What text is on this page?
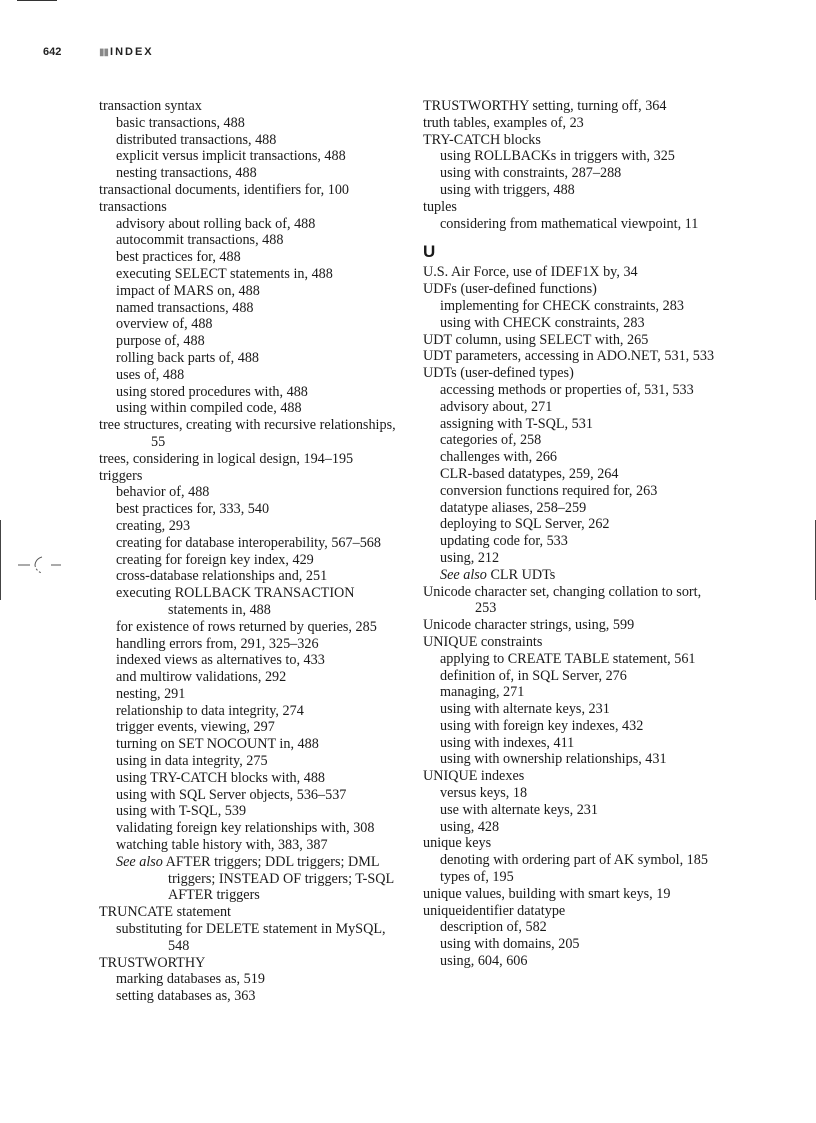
642	▮▮ INDEX
transaction syntax
basic transactions, 488
distributed transactions, 488
explicit versus implicit transactions, 488
nesting transactions, 488
transactional documents, identifiers for, 100
transactions
advisory about rolling back of, 488
autocommit transactions, 488
best practices for, 488
executing SELECT statements in, 488
impact of MARS on, 488
named transactions, 488
overview of, 488
purpose of, 488
rolling back parts of, 488
uses of, 488
using stored procedures with, 488
using within compiled code, 488
tree structures, creating with recursive relationships, 55
trees, considering in logical design, 194–195
triggers
behavior of, 488
best practices for, 333, 540
creating, 293
creating for database interoperability, 567–568
creating for foreign key index, 429
cross-database relationships and, 251
executing ROLLBACK TRANSACTION statements in, 488
for existence of rows returned by queries, 285
handling errors from, 291, 325–326
indexed views as alternatives to, 433
and multirow validations, 292
nesting, 291
relationship to data integrity, 274
trigger events, viewing, 297
turning on SET NOCOUNT in, 488
using in data integrity, 275
using TRY-CATCH blocks with, 488
using with SQL Server objects, 536–537
using with T-SQL, 539
validating foreign key relationships with, 308
watching table history with, 383, 387
See also AFTER triggers; DDL triggers; DML triggers; INSTEAD OF triggers; T-SQL AFTER triggers
TRUNCATE statement
substituting for DELETE statement in MySQL, 548
TRUSTWORTHY
marking databases as, 519
setting databases as, 363
TRUSTWORTHY setting, turning off, 364
truth tables, examples of, 23
TRY-CATCH blocks
using ROLLBACKs in triggers with, 325
using with constraints, 287–288
using with triggers, 488
tuples
considering from mathematical viewpoint, 11
U
U.S. Air Force, use of IDEF1X by, 34
UDFs (user-defined functions)
implementing for CHECK constraints, 283
using with CHECK constraints, 283
UDT column, using SELECT with, 265
UDT parameters, accessing in ADO.NET, 531, 533
UDTs (user-defined types)
accessing methods or properties of, 531, 533
advisory about, 271
assigning with T-SQL, 531
categories of, 258
challenges with, 266
CLR-based datatypes, 259, 264
conversion functions required for, 263
datatype aliases, 258–259
deploying to SQL Server, 262
updating code for, 533
using, 212
See also CLR UDTs
Unicode character set, changing collation to sort, 253
Unicode character strings, using, 599
UNIQUE constraints
applying to CREATE TABLE statement, 561
definition of, in SQL Server, 276
managing, 271
using with alternate keys, 231
using with foreign key indexes, 432
using with indexes, 411
using with ownership relationships, 431
UNIQUE indexes
versus keys, 18
use with alternate keys, 231
using, 428
unique keys
denoting with ordering part of AK symbol, 185
types of, 195
unique values, building with smart keys, 19
uniqueidentifier datatype
description of, 582
using with domains, 205
using, 604, 606
